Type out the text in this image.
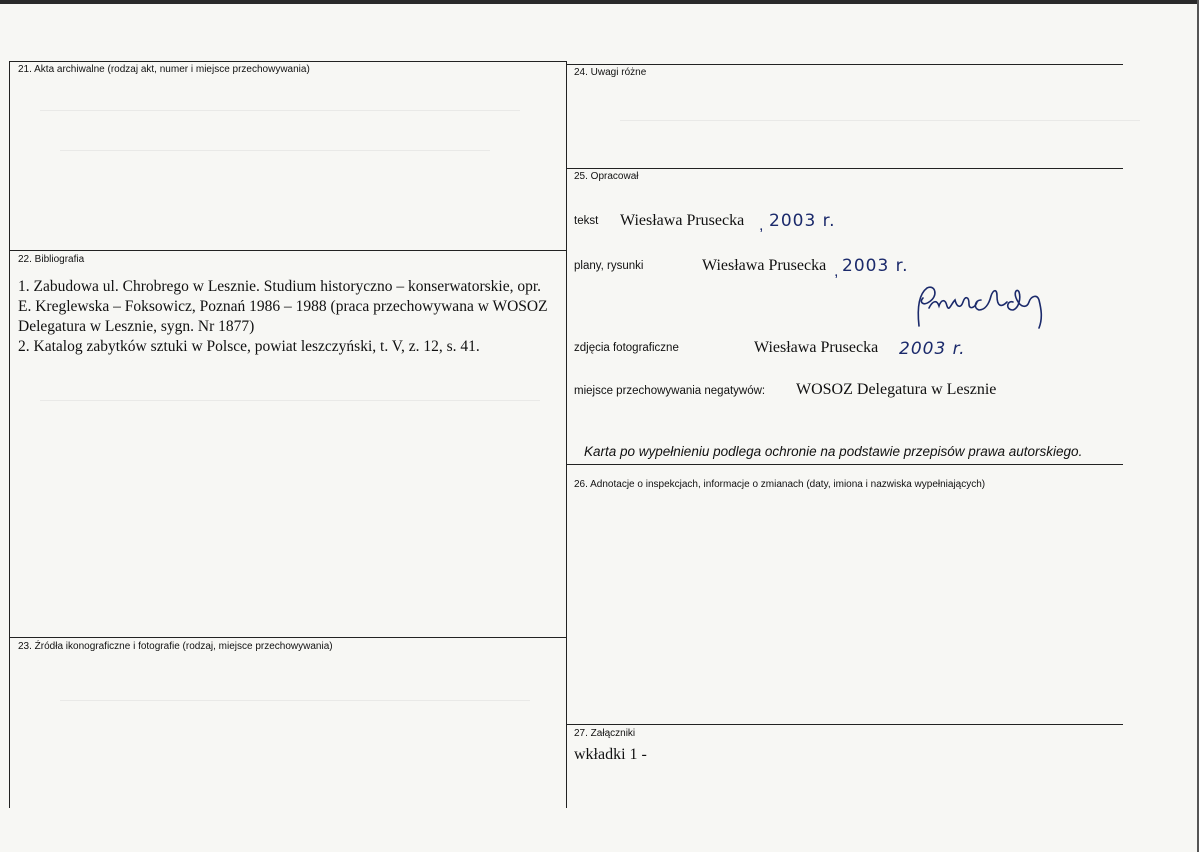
21. Akta archiwalne (rodzaj akt, numer i miejsce przechowywania)
22. Bibliografia

1. Zabudowa ul. Chrobrego w Lesznie. Studium historyczno – konserwatorskie, opr. E. Kreglewska – Foksowicz, Poznań 1986 – 1988 (praca przechowywana w WOSOZ Delegatura w Lesznie, sygn. Nr 1877)

2. Katalog zabytków sztuki w Polsce, powiat leszczyński, t. V, z. 12, s. 41.

23. Źródła ikonograficzne i fotografie (rodzaj, miejsce przechowywania)
24. Uwagi różne
25. Opracował
tekst Wiesława Prusecka , 2003 r.
plany, rysunki	Wiesława Prusecka , 2003 r.
zdjęcia fotograficzne	Wiesława Prusecka 2003 r.
miejsce przechowywania negatywów: WOSOZ Delegatura w Lesznie
Karta po wypełnieniu podlega ochronie na podstawie przepisów prawa autorskiego.
26. Adnotacje o inspekcjach, informacje o zmianach (daty, imiona i nazwiska wypełniających)
27. Załączniki
wkładki 1 -
